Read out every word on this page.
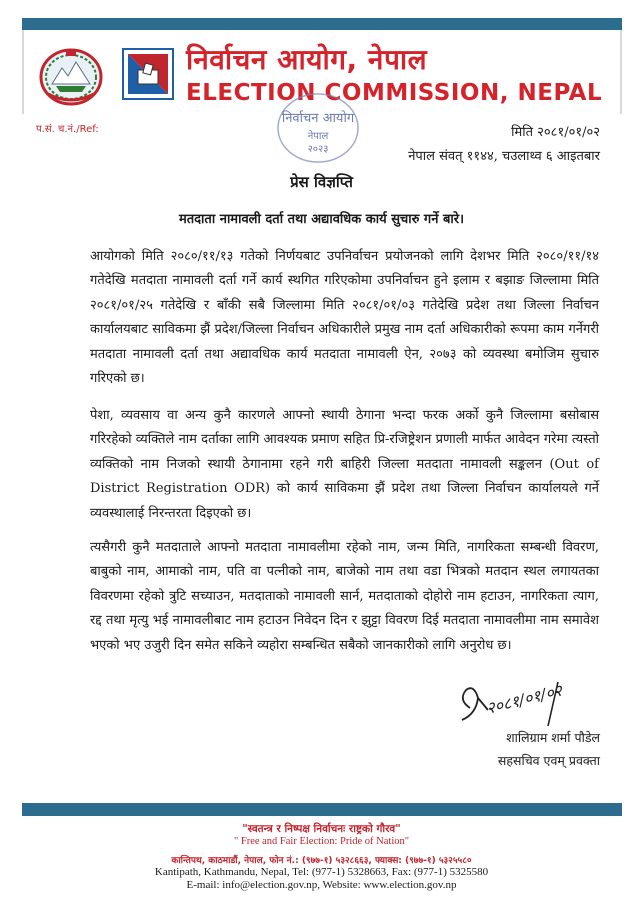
निर्वाचन आयोग, नेपाल
ELECTION COMMISSION, NEPAL
प.सं. च.नं./Ref:
निर्वाचन आयोग
नेपाल
२०२३
मिति २०८१/०१/०२
नेपाल संवत् ११४४, चउलाथ्व ६ आइतबार
प्रेस विज्ञप्ति
मतदाता नामावली दर्ता तथा अद्यावधिक कार्य सुचारु गर्ने बारे।

आयोगको मिति २०८०/११/१३ गतेको निर्णयबाट उपनिर्वाचन प्रयोजनको लागि देशभर मिति २०८०/११/१४ गतेदेखि मतदाता नामावली दर्ता गर्ने कार्य स्थगित गरिएकोमा उपनिर्वाचन हुने इलाम र बझाङ जिल्लामा मिति २०८१/०१/२५ गतेदेखि र बाँकी सबै जिल्लामा मिति २०८१/०१/०३ गतेदेखि प्रदेश तथा जिल्ला निर्वाचन कार्यालयबाट साविकमा झैं प्रदेश/जिल्ला निर्वाचन अधिकारीले प्रमुख नाम दर्ता अधिकारीको रूपमा काम गर्नेगरी मतदाता नामावली दर्ता तथा अद्यावधिक कार्य मतदाता नामावली ऐन, २०७३ को व्यवस्था बमोजिम सुचारु गरिएको छ।

पेशा, व्यवसाय वा अन्य कुनै कारणले आफ्नो स्थायी ठेगाना भन्दा फरक अर्को कुनै जिल्लामा बसोबास गरिरहेको व्यक्तिले नाम दर्ताका लागि आवश्यक प्रमाण सहित प्रि-रजिष्ट्रेशन प्रणाली मार्फत आवेदन गरेमा त्यस्तो व्यक्तिको नाम निजको स्थायी ठेगानामा रहने गरी बाहिरी जिल्ला मतदाता नामावली सङ्कलन (Out of District Registration ODR) को कार्य साविकमा झैं प्रदेश तथा जिल्ला निर्वाचन कार्यालयले गर्ने व्यवस्थालाई निरन्तरता दिइएको छ।

त्यसैगरी कुनै मतदाताले आफ्नो मतदाता नामावलीमा रहेको नाम, जन्म मिति, नागरिकता सम्बन्धी विवरण, बाबुको नाम, आमाको नाम, पति वा पत्नीको नाम, बाजेको नाम तथा वडा भित्रको मतदान स्थल लगायतका विवरणमा रहेको त्रुटि सच्याउन, मतदाताको नामावली सार्न, मतदाताको दोहोरो नाम हटाउन, नागरिकता त्याग, रद्द तथा मृत्यु भई नामावलीबाट नाम हटाउन निवेदन दिन र झुट्टा विवरण दिई मतदाता नामावलीमा नाम समावेश भएको भए उजुरी दिन समेत सकिने व्यहोरा सम्बन्धित सबैको जानकारीको लागि अनुरोध छ।

२०८१/०१/०२
शालिग्राम शर्मा पौडेल
सहसचिव एवम् प्रवक्ता
"स्वतन्त्र र निष्पक्ष निर्वाचनः राष्ट्रको गौरव"
" Free and Fair Election: Pride of Nation"
कान्तिपथ, काठमाडौं, नेपाल, फोन नं.: (९७७-१) ५३२८६६३, फ्याक्स: (९७७-१) ५३२५५८०
Kantipath, Kathmandu, Nepal, Tel: (977-1) 5328663, Fax: (977-1) 5325580
E-mail: info@election.gov.np, Website: www.election.gov.np
